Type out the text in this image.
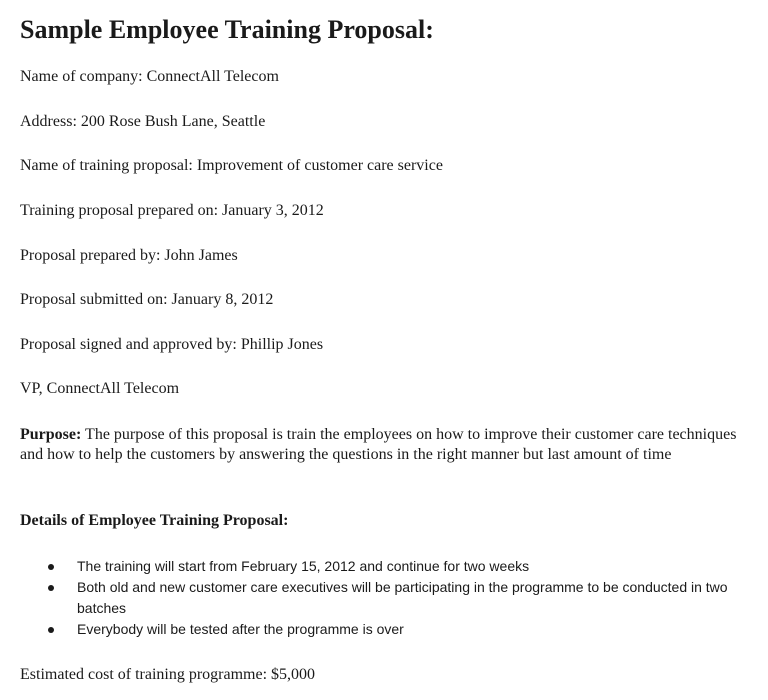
Sample Employee Training Proposal:
Name of company: ConnectAll Telecom
Address: 200 Rose Bush Lane, Seattle
Name of training proposal: Improvement of customer care service
Training proposal prepared on: January 3, 2012
Proposal prepared by: John James
Proposal submitted on: January 8, 2012
Proposal signed and approved by: Phillip Jones
VP, ConnectAll Telecom

Purpose: The purpose of this proposal is train the employees on how to improve their customer care techniques and how to help the customers by answering the questions in the right manner but last amount of time

Details of Employee Training Proposal:
The training will start from February 15, 2012 and continue for two weeks
Both old and new customer care executives will be participating in the programme to be conducted in two batches
Everybody will be tested after the programme is over
Estimated cost of training programme: $5,000
